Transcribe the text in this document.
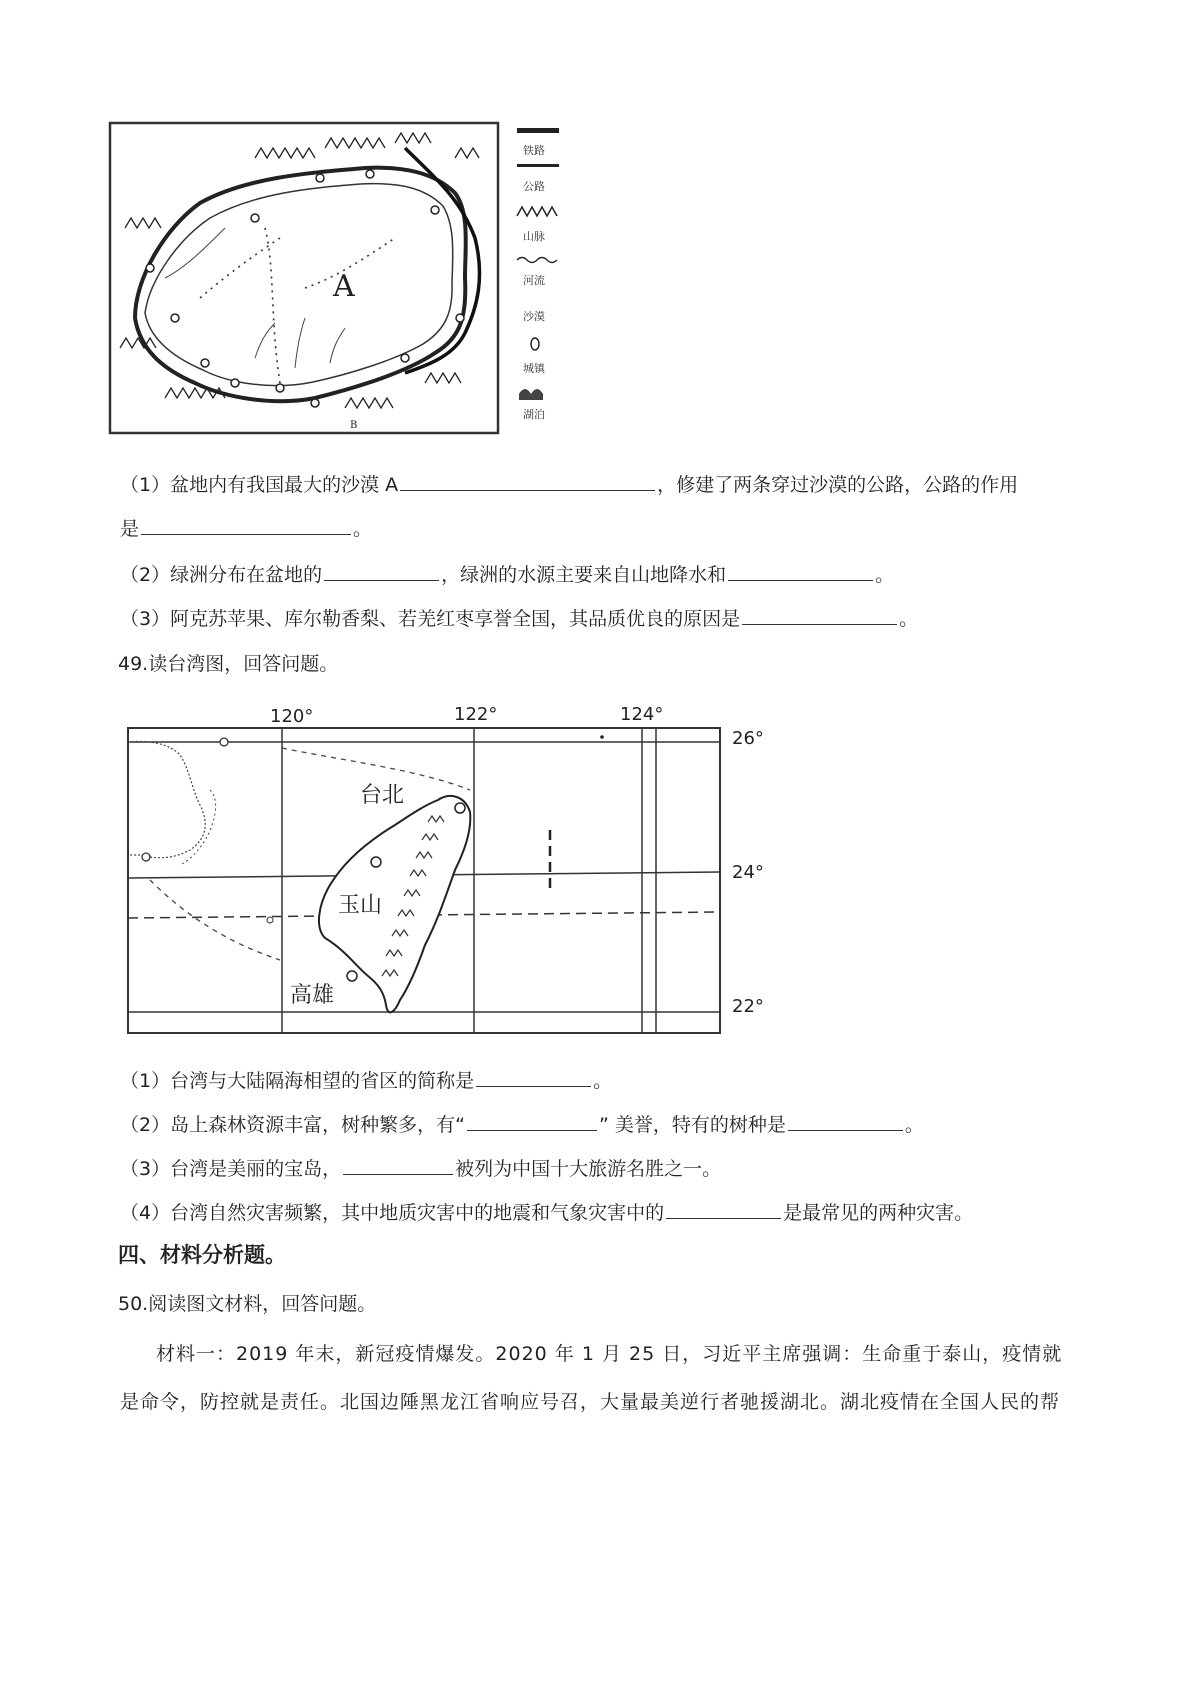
A
B
铁路
公路
山脉
河流
沙漠
城镇
湖泊
（1）盆地内有我国最大的沙漠 A	，修建了两条穿过沙漠的公路，公路的作用
是	。
（2）绿洲分布在盆地的	，绿洲的水源主要来自山地降水和	。
（3）阿克苏苹果、库尔勒香梨、若羌红枣享誉全国，其品质优良的原因是	。
49.读台湾图，回答问题。
120°	122°	124°
26°
24°
22°
台北
玉山
高雄
（1）台湾与大陆隔海相望的省区的简称是	。
（2）岛上森林资源丰富，树种繁多，有“	” 美誉，特有的树种是	。
（3）台湾是美丽的宝岛，	被列为中国十大旅游名胜之一。
（4）台湾自然灾害频繁，其中地质灾害中的地震和气象灾害中的	是最常见的两种灾害。
四、材料分析题。
50.阅读图文材料，回答问题。
材料一：2019 年末，新冠疫情爆发。2020 年 1 月 25 日，习近平主席强调：生命重于泰山，疫情就是命令，防控就是责任。北国边陲黑龙江省响应号召，大量最美逆行者驰援湖北。湖北疫情在全国人民的帮
